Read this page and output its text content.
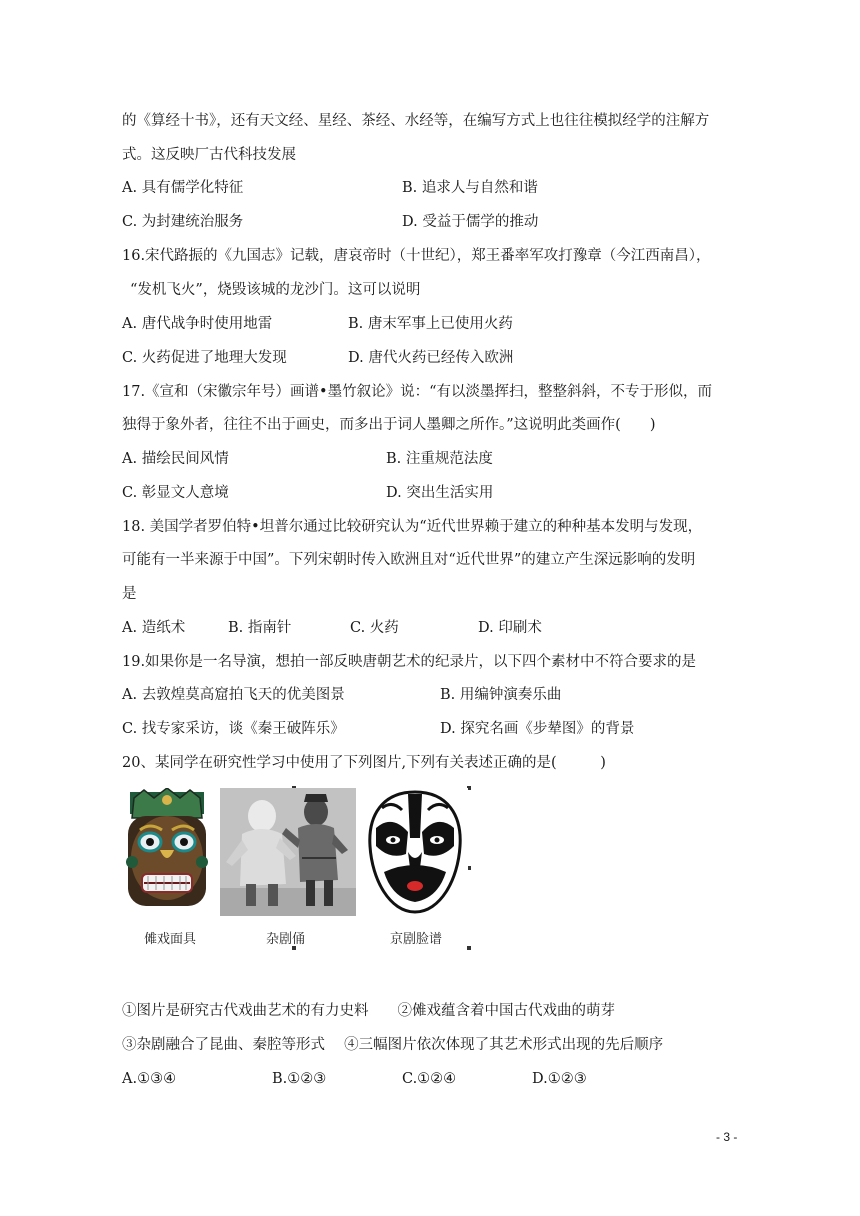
的《算经十书》，还有天文经、星经、茶经、水经等，在编写方式上也往往模拟经学的注解方
式。这反映厂古代科技发展
A. 具有儒学化特征	B. 追求人与自然和谐
C. 为封建统治服务	D. 受益于儒学的推动
16.宋代路振的《九国志》记载，唐哀帝时（十世纪），郑王番率军攻打豫章（今江西南昌），
“发机飞火”，烧毁该城的龙沙门。这可以说明
A. 唐代战争时使用地雷	B. 唐末军事上已使用火药
C. 火药促进了地理大发现	D. 唐代火药已经传入欧洲
17.《宣和（宋徽宗年号）画谱•墨竹叙论》说：“有以淡墨挥扫，整整斜斜，不专于形似，而
独得于象外者，往往不出于画史，而多出于词人墨卿之所作。”这说明此类画作(　　)
A. 描绘民间风情	B. 注重规范法度
C. 彰显文人意境	D. 突出生活实用
18. 美国学者罗伯特•坦普尔通过比较研究认为“近代世界赖于建立的种种基本发明与发现，
可能有一半来源于中国”。下列宋朝时传入欧洲且对“近代世界”的建立产生深远影响的发明
是
A. 造纸术	B. 指南针	C. 火药	D. 印刷术
19.如果你是一名导演，想拍一部反映唐朝艺术的纪录片，以下四个素材中不符合要求的是
A. 去敦煌莫高窟拍飞天的优美图景	B. 用编钟演奏乐曲
C. 找专家采访，谈《秦王破阵乐》	D. 探究名画《步辇图》的背景
20、某同学在研究性学习中使用了下列图片,下列有关表述正确的是(　　　)
傩戏面具	杂剧俑	京剧脸谱
①图片是研究古代戏曲艺术的有力史料　　②傩戏蕴含着中国古代戏曲的萌芽
③杂剧融合了昆曲、秦腔等形式　 ④三幅图片依次体现了其艺术形式出现的先后顺序
A.①③④	B.①②③	C.①②④	D.①②③
- 3 -
